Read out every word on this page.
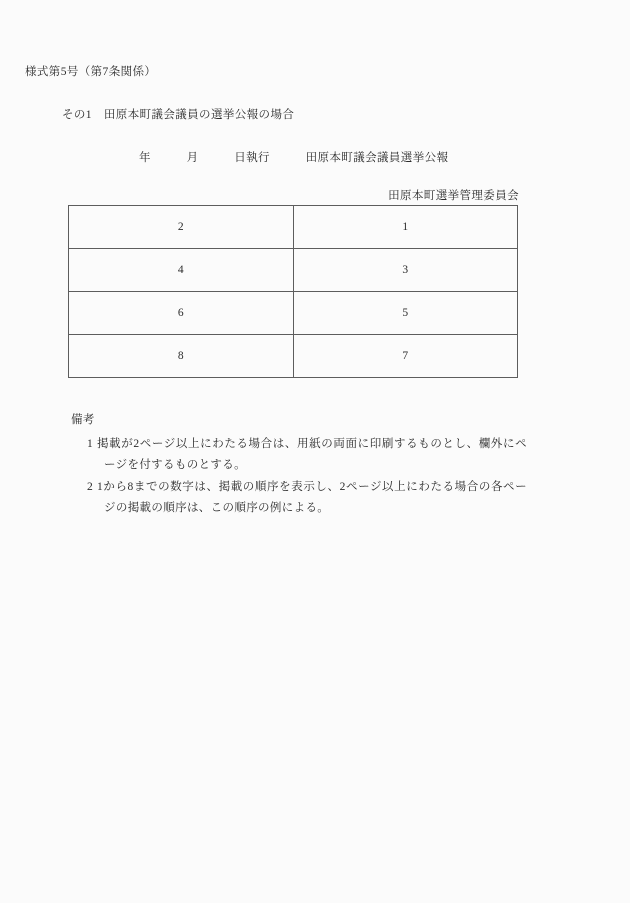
様式第5号（第7条関係）
その1　田原本町議会議員の選挙公報の場合
年　　　月　　　日執行　　　田原本町議会議員選挙公報
田原本町選挙管理委員会
2	1
4	3
6	5
8	7
備考
1 掲載が2ページ以上にわたる場合は、用紙の両面に印刷するものとし、欄外にページを付するものとする。
2 1から8までの数字は、掲載の順序を表示し、2ページ以上にわたる場合の各ページの掲載の順序は、この順序の例による。
